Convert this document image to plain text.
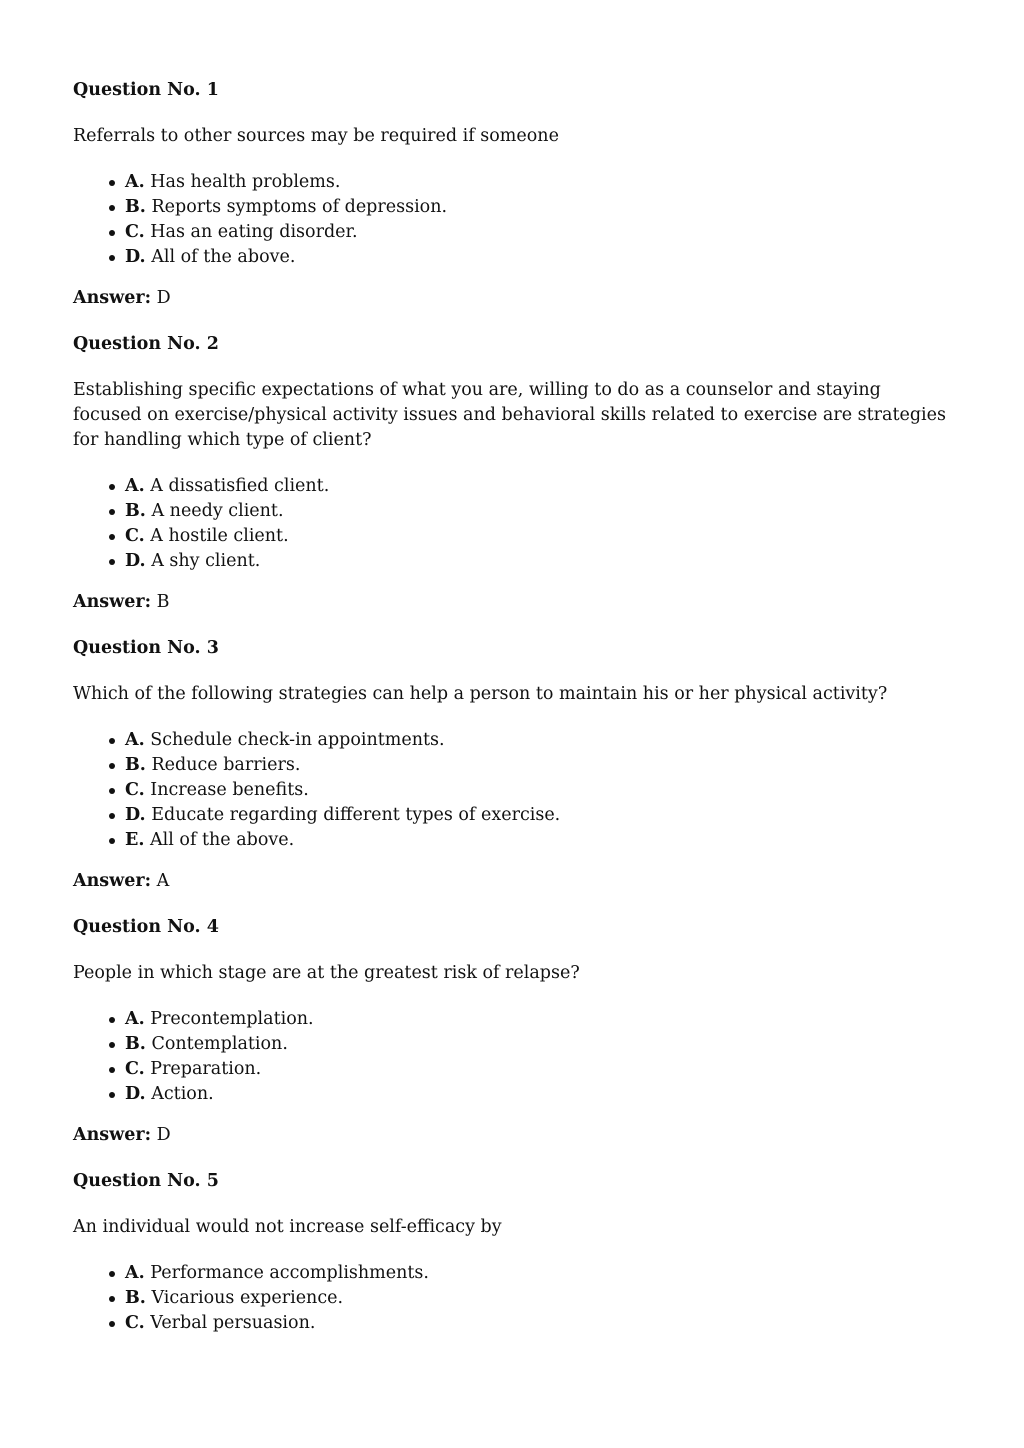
Question No. 1

Referrals to other sources may be required if someone

A. Has health problems.
B. Reports symptoms of depression.
C. Has an eating disorder.
D. All of the above.

Answer: D

Question No. 2

Establishing specific expectations of what you are, willing to do as a counselor and staying focused on exercise/physical activity issues and behavioral skills related to exercise are strategies for handling which type of client?

A. A dissatisfied client.
B. A needy client.
C. A hostile client.
D. A shy client.

Answer: B

Question No. 3

Which of the following strategies can help a person to maintain his or her physical activity?

A. Schedule check-in appointments.
B. Reduce barriers.
C. Increase benefits.
D. Educate regarding different types of exercise.
E. All of the above.

Answer: A

Question No. 4

People in which stage are at the greatest risk of relapse?

A. Precontemplation.
B. Contemplation.
C. Preparation.
D. Action.

Answer: D

Question No. 5

An individual would not increase self-efficacy by

A. Performance accomplishments.
B. Vicarious experience.
C. Verbal persuasion.
